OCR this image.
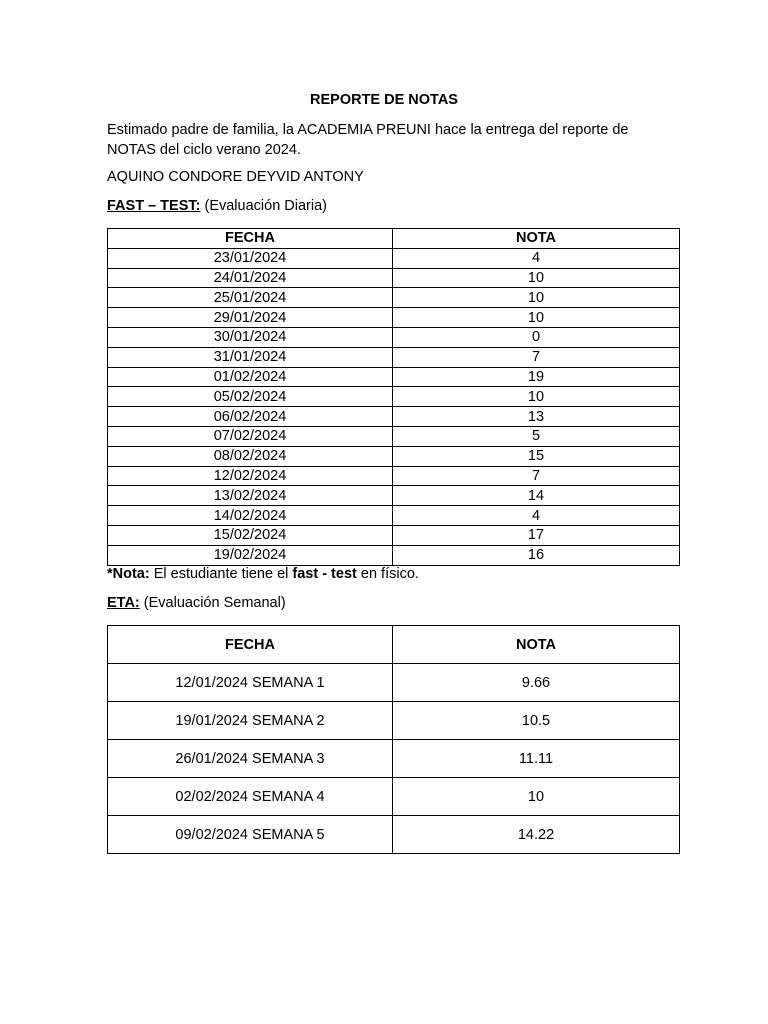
REPORTE DE NOTAS
Estimado padre de familia, la ACADEMIA PREUNI hace la entrega del reporte de NOTAS del ciclo verano 2024.
AQUINO CONDORE DEYVID ANTONY
FAST – TEST: (Evaluación Diaria)
FECHA	NOTA
23/01/2024	4
24/01/2024	10
25/01/2024	10
29/01/2024	10
30/01/2024	0
31/01/2024	7
01/02/2024	19
05/02/2024	10
06/02/2024	13
07/02/2024	5
08/02/2024	15
12/02/2024	7
13/02/2024	14
14/02/2024	4
15/02/2024	17
19/02/2024	16
*Nota: El estudiante tiene el fast - test en físico.
ETA: (Evaluación Semanal)
FECHA	NOTA
12/01/2024 SEMANA 1	9.66
19/01/2024 SEMANA 2	10.5
26/01/2024 SEMANA 3	11.11
02/02/2024 SEMANA 4	10
09/02/2024 SEMANA 5	14.22
